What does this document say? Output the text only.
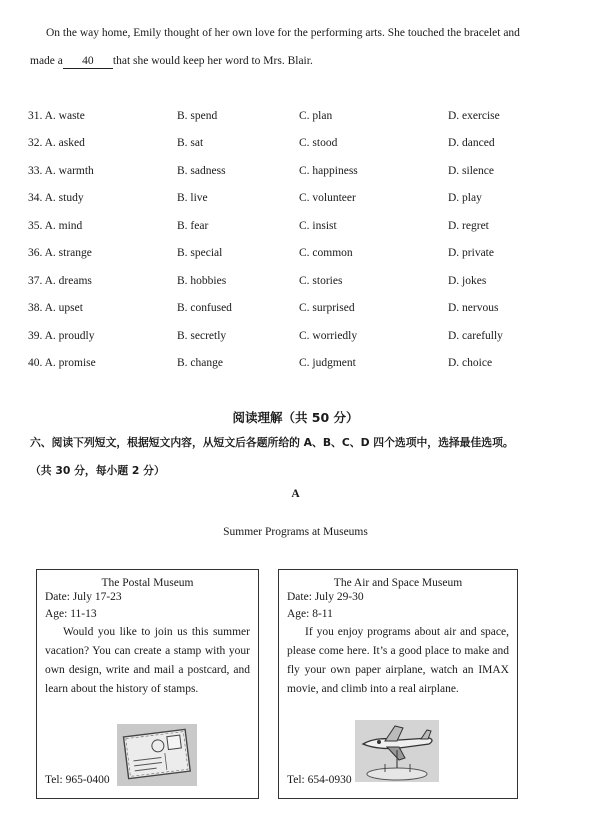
On the way home, Emily thought of her own love for the performing arts. She touched the bracelet and
made a 40 that she would keep her word to Mrs. Blair.
31. A. waste	B. spend	C. plan	D. exercise
32. A. asked	B. sat	C. stood	D. danced
33. A. warmth	B. sadness	C. happiness	D. silence
34. A. study	B. live	C. volunteer	D. play
35. A. mind	B. fear	C. insist	D. regret
36. A. strange	B. special	C. common	D. private
37. A. dreams	B. hobbies	C. stories	D. jokes
38. A. upset	B. confused	C. surprised	D. nervous
39. A. proudly	B. secretly	C. worriedly	D. carefully
40. A. promise	B. change	C. judgment	D. choice
阅读理解（共 50 分）
六、阅读下列短文，根据短文内容，从短文后各题所给的 A、B、C、D 四个选项中，选择最佳选项。
（共 30 分，每小题 2 分）
A
Summer Programs at Museums
The Postal Museum
Date: July 17-23
Age: 11-13
Would you like to join us this summer vacation? You can create a stamp with your own design, write and mail a postcard, and learn about the history of stamps.
Tel: 965-0400
The Air and Space Museum
Date: July 29-30
Age: 8-11
If you enjoy programs about air and space, please come here. It’s a good place to make and fly your own paper airplane, watch an IMAX movie, and climb into a real airplane.
Tel: 654-0930
